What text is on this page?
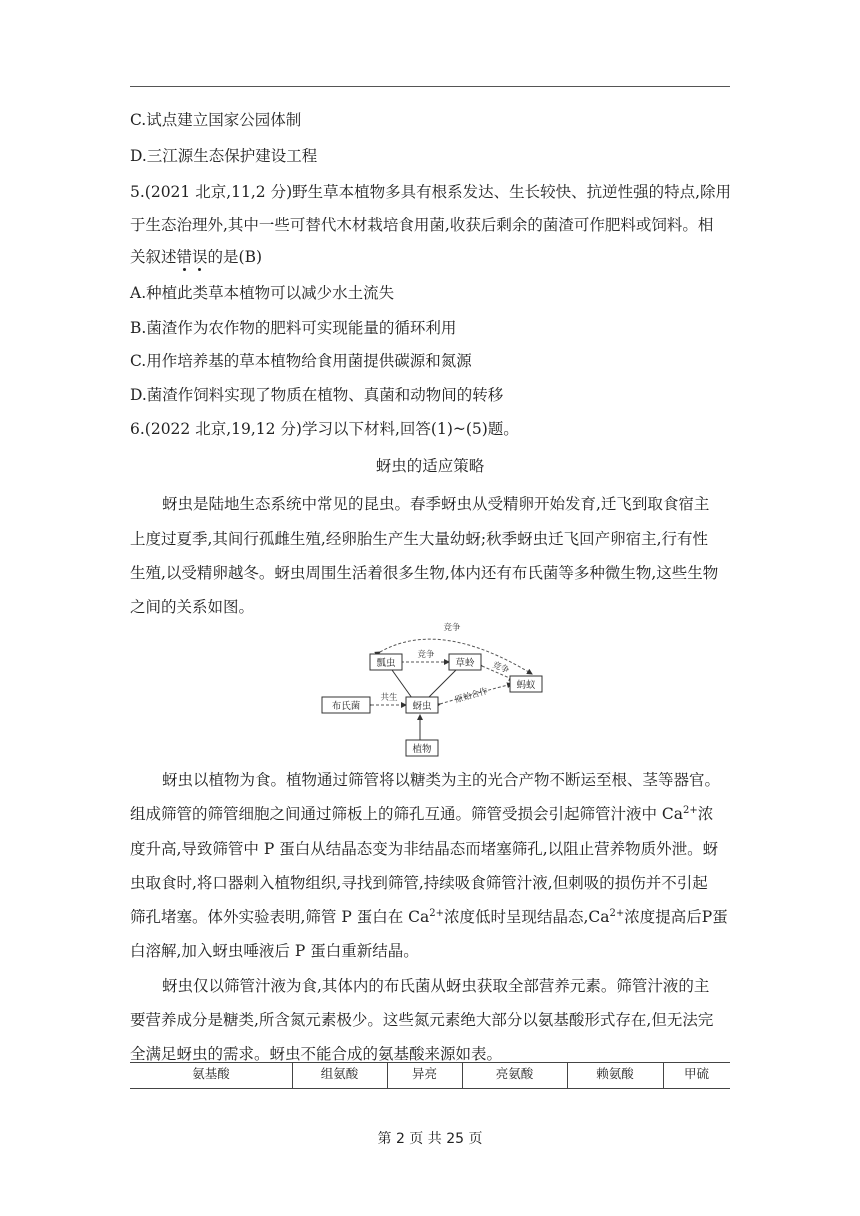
C.试点建立国家公园体制
D.三江源生态保护建设工程
5.(2021 北京,11,2 分)野生草本植物多具有根系发达、生长较快、抗逆性强的特点,除用
于生态治理外,其中一些可替代木材栽培食用菌,收获后剩余的菌渣可作肥料或饲料。相
关叙述错误的是(B)
A.种植此类草本植物可以减少水土流失
B.菌渣作为农作物的肥料可实现能量的循环利用
C.用作培养基的草本植物给食用菌提供碳源和氮源
D.菌渣作饲料实现了物质在植物、真菌和动物间的转移
6.(2022 北京,19,12 分)学习以下材料,回答(1)~(5)题。
蚜虫的适应策略
蚜虫是陆地生态系统中常见的昆虫。春季蚜虫从受精卵开始发育,迁飞到取食宿主
上度过夏季,其间行孤雌生殖,经卵胎生产生大量幼蚜;秋季蚜虫迁飞回产卵宿主,行有性
生殖,以受精卵越冬。蚜虫周围生活着很多生物,体内还有布氏菌等多种微生物,这些生物
之间的关系如图。
瓢虫	草蛉
蚂蚁
布氏菌	蚜虫
植物
竞争
竞争
竞争
共生	原始合作
蚜虫以植物为食。植物通过筛管将以糖类为主的光合产物不断运至根、茎等器官。
组成筛管的筛管细胞之间通过筛板上的筛孔互通。筛管受损会引起筛管汁液中 $Ca^{2+}$浓
度升高,导致筛管中 P 蛋白从结晶态变为非结晶态而堵塞筛孔,以阻止营养物质外泄。蚜
虫取食时,将口器刺入植物组织,寻找到筛管,持续吸食筛管汁液,但刺吸的损伤并不引起
筛孔堵塞。体外实验表明,筛管 P 蛋白在 $Ca^{2+}$浓度低时呈现结晶态$,Ca^{2+}$浓度提高后P蛋
白溶解,加入蚜虫唾液后 P 蛋白重新结晶。
蚜虫仅以筛管汁液为食,其体内的布氏菌从蚜虫获取全部营养元素。筛管汁液的主
要营养成分是糖类,所含氮元素极少。这些氮元素绝大部分以氨基酸形式存在,但无法完
全满足蚜虫的需求。蚜虫不能合成的氨基酸来源如表。
氨基酸	组氨酸	异亮	亮氨酸	赖氨酸	甲硫
第 2 页 共 25 页
